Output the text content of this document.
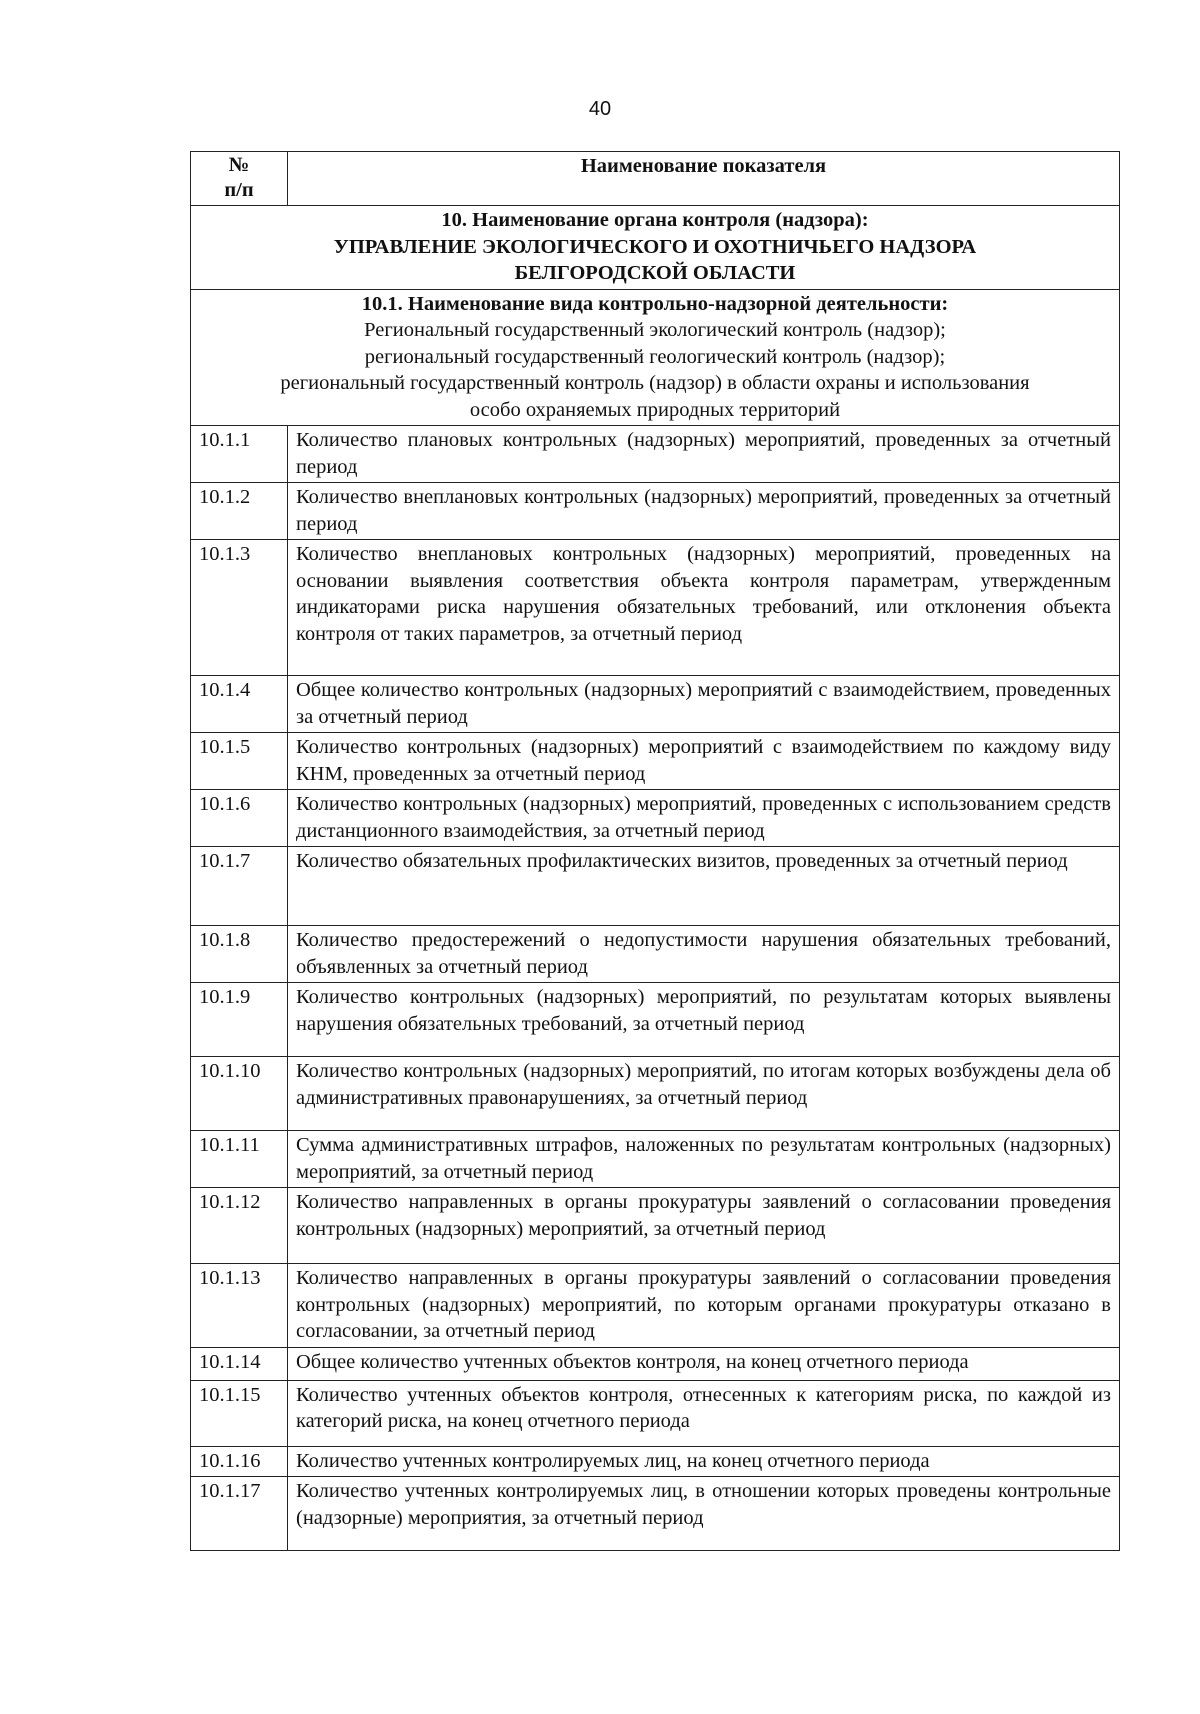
40
№
п/п	Наименование показателя

10. Наименование органа контроля (надзора):
УПРАВЛЕНИЕ ЭКОЛОГИЧЕСКОГО И ОХОТНИЧЬЕГО НАДЗОРА
БЕЛГОРОДСКОЙ ОБЛАСТИ	

10.1. Наименование вида контрольно-надзорной деятельности:
Региональный государственный экологический контроль (надзор);
региональный государственный геологический контроль (надзор);
региональный государственный контроль (надзор) в области охраны и использования
особо охраняемых природных территорий	

10.1.1	Количество плановых контрольных (надзорных) мероприятий, проведенных за отчетный период
10.1.2	Количество внеплановых контрольных (надзорных) мероприятий, проведенных за отчетный период
10.1.3	Количество внеплановых контрольных (надзорных) мероприятий, проведенных на основании выявления соответствия объекта контроля параметрам, утвержденным индикаторами риска нарушения обязательных требований, или отклонения объекта контроля от таких параметров, за отчетный период
10.1.4	Общее количество контрольных (надзорных) мероприятий с взаимодействием, проведенных за отчетный период
10.1.5	Количество контрольных (надзорных) мероприятий с взаимодействием по каждому виду КНМ, проведенных за отчетный период
10.1.6	Количество контрольных (надзорных) мероприятий, проведенных с использованием средств дистанционного взаимодействия, за отчетный период
10.1.7	Количество обязательных профилактических визитов, проведенных за отчетный период
10.1.8	Количество предостережений о недопустимости нарушения обязательных требований, объявленных за отчетный период
10.1.9	Количество контрольных (надзорных) мероприятий, по результатам которых выявлены нарушения обязательных требований, за отчетный период
10.1.10	Количество контрольных (надзорных) мероприятий, по итогам которых возбуждены дела об административных правонарушениях, за отчетный период
10.1.11	Сумма административных штрафов, наложенных по результатам контрольных (надзорных) мероприятий, за отчетный период
10.1.12	Количество направленных в органы прокуратуры заявлений о согласовании проведения контрольных (надзорных) мероприятий, за отчетный период
10.1.13	Количество направленных в органы прокуратуры заявлений о согласовании проведения контрольных (надзорных) мероприятий, по которым органами прокуратуры отказано в согласовании, за отчетный период
10.1.14	Общее количество учтенных объектов контроля, на конец отчетного периода
10.1.15	Количество учтенных объектов контроля, отнесенных к категориям риска, по каждой из категорий риска, на конец отчетного периода
10.1.16	Количество учтенных контролируемых лиц, на конец отчетного периода
10.1.17	Количество учтенных контролируемых лиц, в отношении которых проведены контрольные (надзорные) мероприятия, за отчетный период
